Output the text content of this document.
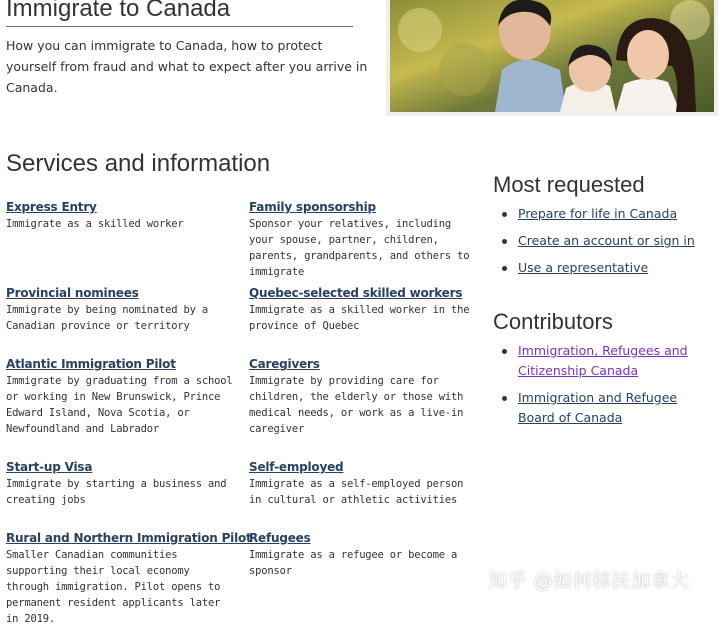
Immigrate to Canada
How you can immigrate to Canada, how to protect yourself from fraud and what to expect after you arrive in Canada.
Services and information
Express Entry
Immigrate as a skilled worker
Family sponsorship
Sponsor your relatives, including your spouse, partner, children, parents, grandparents, and others to immigrate
Provincial nominees
Immigrate by being nominated by a Canadian province or territory
Quebec-selected skilled workers
Immigrate as a skilled worker in the province of Quebec
Atlantic Immigration Pilot
Immigrate by graduating from a school or working in New Brunswick, Prince Edward Island, Nova Scotia, or Newfoundland and Labrador
Caregivers
Immigrate by providing care for children, the elderly or those with medical needs, or work as a live-in caregiver
Start-up Visa
Immigrate by starting a business and creating jobs
Self-employed
Immigrate as a self-employed person in cultural or athletic activities
Rural and Northern Immigration Pilot
Smaller Canadian communities supporting their local economy through immigration. Pilot opens to permanent resident applicants later in 2019.
Refugees
Immigrate as a refugee or become a sponsor
Most requested
Prepare for life in Canada
Create an account or sign in
Use a representative
Contributors
Immigration, Refugees and Citizenship Canada
Immigration and Refugee Board of Canada
知乎 @如何移民加拿大
